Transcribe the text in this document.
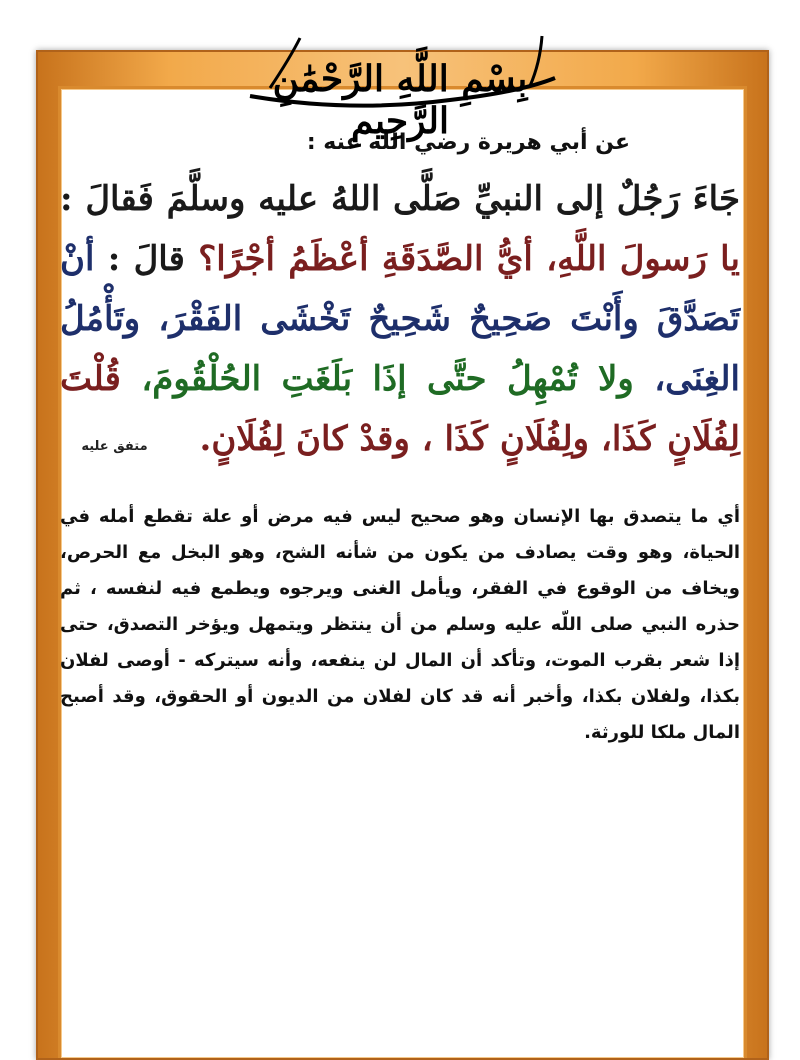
بِسْمِ اللَّهِ الرَّحْمَٰنِ الرَّحِيمِ
عن أبي هريرة رضي الله عنه :

جَاءَ رَجُلٌ إلى النبيِّ صَلَّى اللهُ عليه وسلَّمَ فَقالَ : يا رَسولَ اللَّهِ، أيُّ الصَّدَقَةِ أعْظَمُ أجْرًا؟ قالَ : أنْ تَصَدَّقَ وأَنْتَ صَحِيحٌ شَحِيحٌ تَخْشَى الفَقْرَ، وتَأْمُلُ الغِنَى، ولا تُمْهِلُ حتَّى إذَا بَلَغَتِ الحُلْقُومَ، قُلْتَ لِفُلَانٍ كَذَا، ولِفُلَانٍ كَذَا ، وقدْ كانَ لِفُلَانٍ. متفق عليه

أي ما يتصدق بها الإنسان وهو صحيح ليس فيه مرض أو علة تقطع أمله في الحياة، وهو وقت يصادف من يكون من شأنه الشح، وهو البخل مع الحرص، ويخاف من الوقوع في الفقر، ويأمل الغنى ويرجوه ويطمع فيه لنفسه ، ثم حذره النبي صلى اللّه عليه وسلم من أن ينتظر ويتمهل ويؤخر التصدق، حتى إذا شعر بقرب الموت، وتأكد أن المال لن ينفعه، وأنه سيتركه - أوصى لفلان بكذا، ولفلان بكذا، وأخبر أنه قد كان لفلان من الديون أو الحقوق، وقد أصبح المال ملكا للورثة.
